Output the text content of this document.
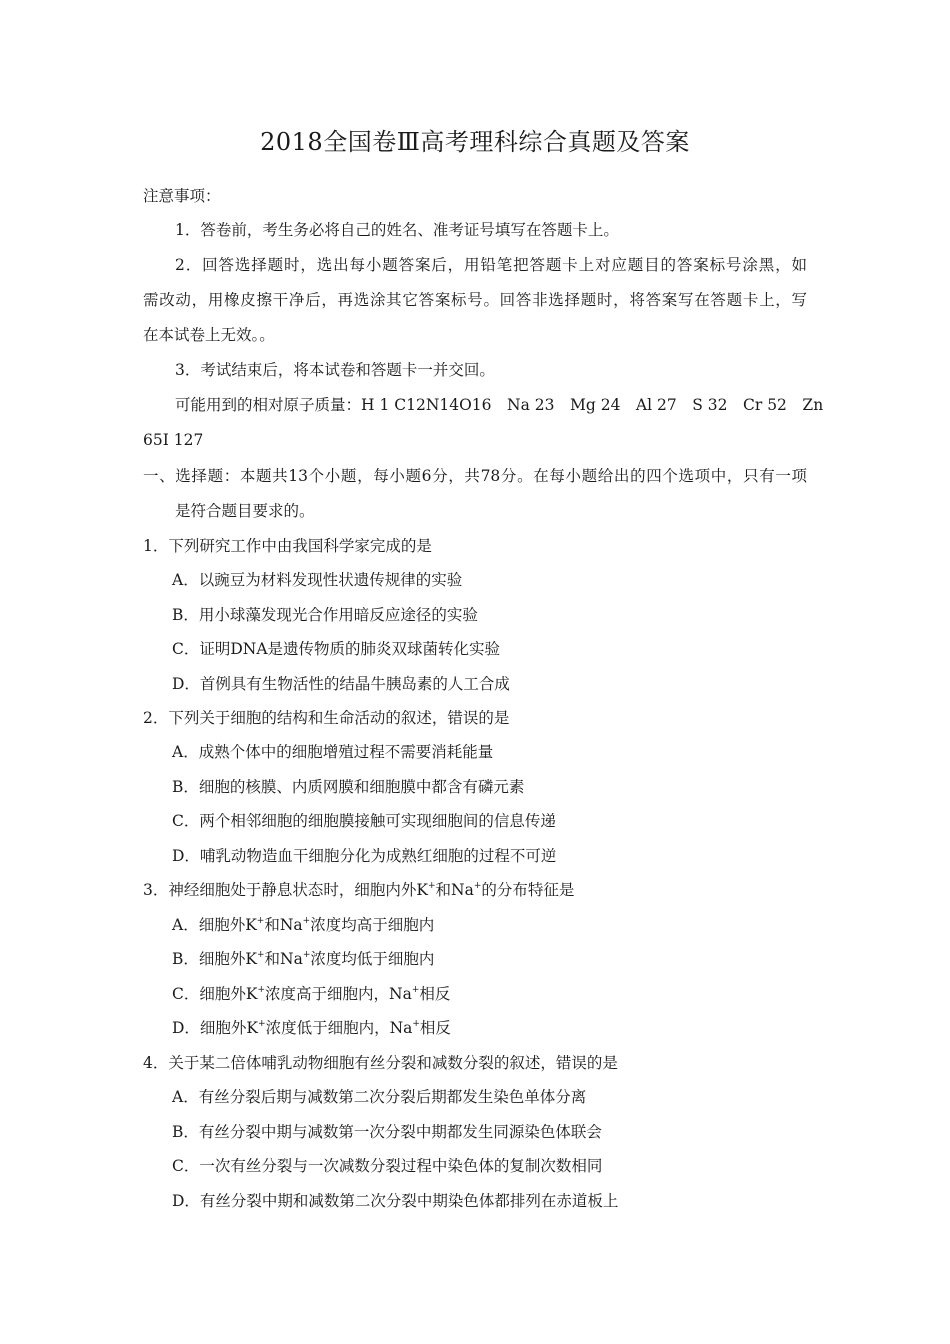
2018全国卷Ⅲ高考理科综合真题及答案
注意事项：
1．答卷前，考生务必将自己的姓名、准考证号填写在答题卡上。
2．回答选择题时，选出每小题答案后，用铅笔把答题卡上对应题目的答案标号涂黑，如
需改动，用橡皮擦干净后，再选涂其它答案标号。回答非选择题时，将答案写在答题卡上，写
在本试卷上无效。。
3．考试结束后，将本试卷和答题卡一并交回。
可能用到的相对原子质量：H 1 C12N14O16　Na 23　Mg 24　Al 27　S 32　Cr 52　Zn
65I 127
一、选择题：本题共13个小题，每小题6分，共78分。在每小题给出的四个选项中，只有一项
是符合题目要求的。
1．下列研究工作中由我国科学家完成的是
A．以豌豆为材料发现性状遗传规律的实验
B．用小球藻发现光合作用暗反应途径的实验
C．证明DNA是遗传物质的肺炎双球菌转化实验
D．首例具有生物活性的结晶牛胰岛素的人工合成
2．下列关于细胞的结构和生命活动的叙述，错误的是
A．成熟个体中的细胞增殖过程不需要消耗能量
B．细胞的核膜、内质网膜和细胞膜中都含有磷元素
C．两个相邻细胞的细胞膜接触可实现细胞间的信息传递
D．哺乳动物造血干细胞分化为成熟红细胞的过程不可逆
3．神经细胞处于静息状态时，细胞内外K+和Na+的分布特征是
A．细胞外K+和Na+浓度均高于细胞内
B．细胞外K+和Na+浓度均低于细胞内
C．细胞外K+浓度高于细胞内，Na+相反
D．细胞外K+浓度低于细胞内，Na+相反
4．关于某二倍体哺乳动物细胞有丝分裂和减数分裂的叙述，错误的是
A．有丝分裂后期与减数第二次分裂后期都发生染色单体分离
B．有丝分裂中期与减数第一次分裂中期都发生同源染色体联会
C．一次有丝分裂与一次减数分裂过程中染色体的复制次数相同
D．有丝分裂中期和减数第二次分裂中期染色体都排列在赤道板上
